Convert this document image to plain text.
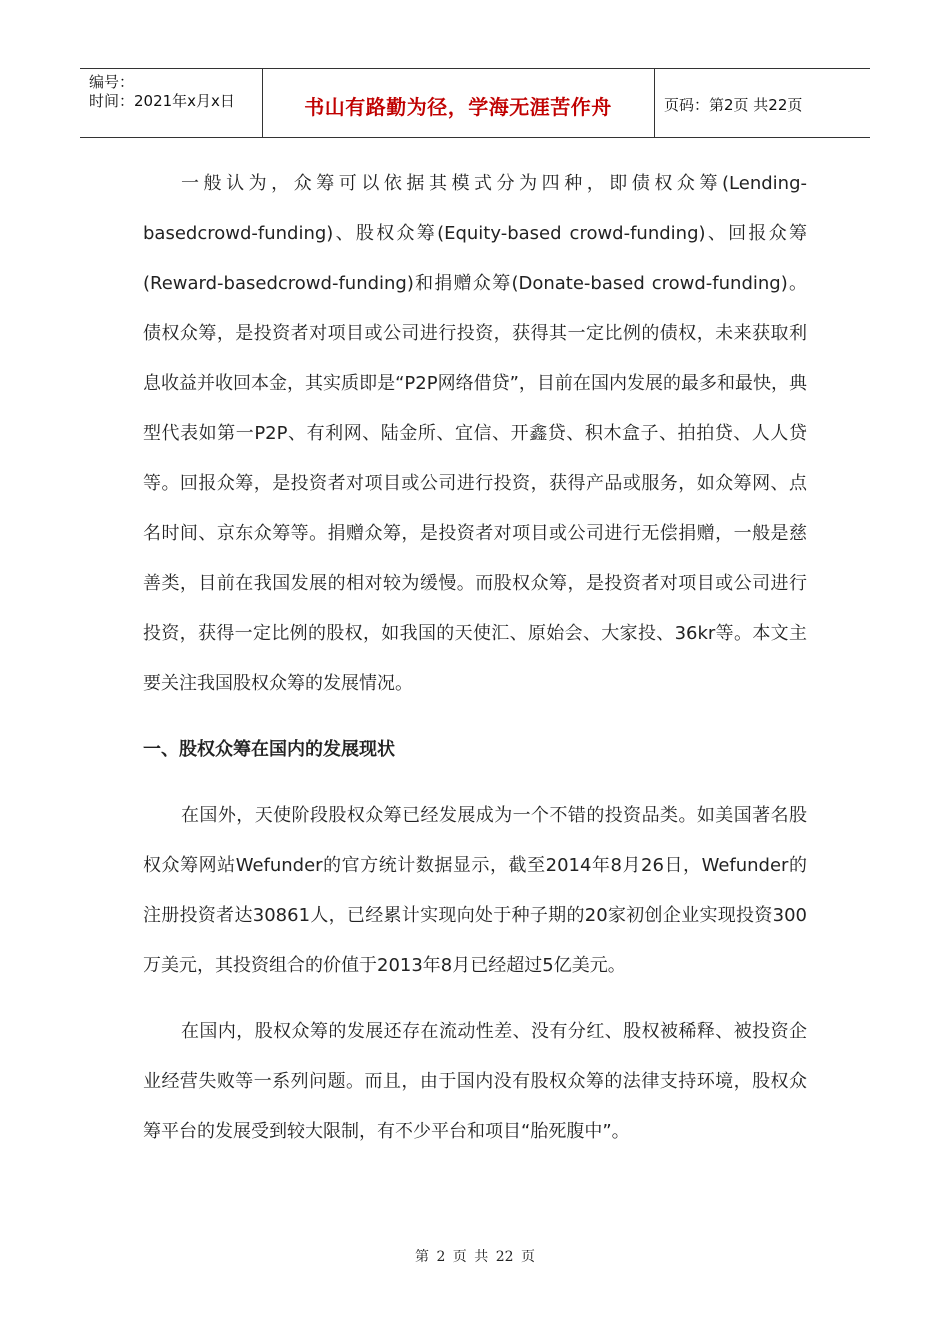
编号：
时间：2021年x月x日	书山有路勤为径，学海无涯苦作舟	页码：第2页 共22页

一般认为，众筹可以依据其模式分为四种，即债权众筹(Lending-basedcrowd-funding)、股权众筹(Equity-based crowd-funding)、回报众筹(Reward-basedcrowd-funding)和捐赠众筹(Donate-based crowd-funding)。债权众筹，是投资者对项目或公司进行投资，获得其一定比例的债权，未来获取利息收益并收回本金，其实质即是“P2P网络借贷”，目前在国内发展的最多和最快，典型代表如第一P2P、有利网、陆金所、宜信、开鑫贷、积木盒子、拍拍贷、人人贷等。回报众筹，是投资者对项目或公司进行投资，获得产品或服务，如众筹网、点名时间、京东众筹等。捐赠众筹，是投资者对项目或公司进行无偿捐赠，一般是慈善类，目前在我国发展的相对较为缓慢。而股权众筹，是投资者对项目或公司进行投资，获得一定比例的股权，如我国的天使汇、原始会、大家投、36kr等。本文主要关注我国股权众筹的发展情况。

一、股权众筹在国内的发展现状

在国外，天使阶段股权众筹已经发展成为一个不错的投资品类。如美国著名股权众筹网站Wefunder的官方统计数据显示，截至2014年8月26日，Wefunder的注册投资者达30861人，已经累计实现向处于种子期的20家初创企业实现投资300万美元，其投资组合的价值于2013年8月已经超过5亿美元。

在国内，股权众筹的发展还存在流动性差、没有分红、股权被稀释、被投资企业经营失败等一系列问题。而且，由于国内没有股权众筹的法律支持环境，股权众筹平台的发展受到较大限制，有不少平台和项目“胎死腹中”。

第 2 页 共 22 页
